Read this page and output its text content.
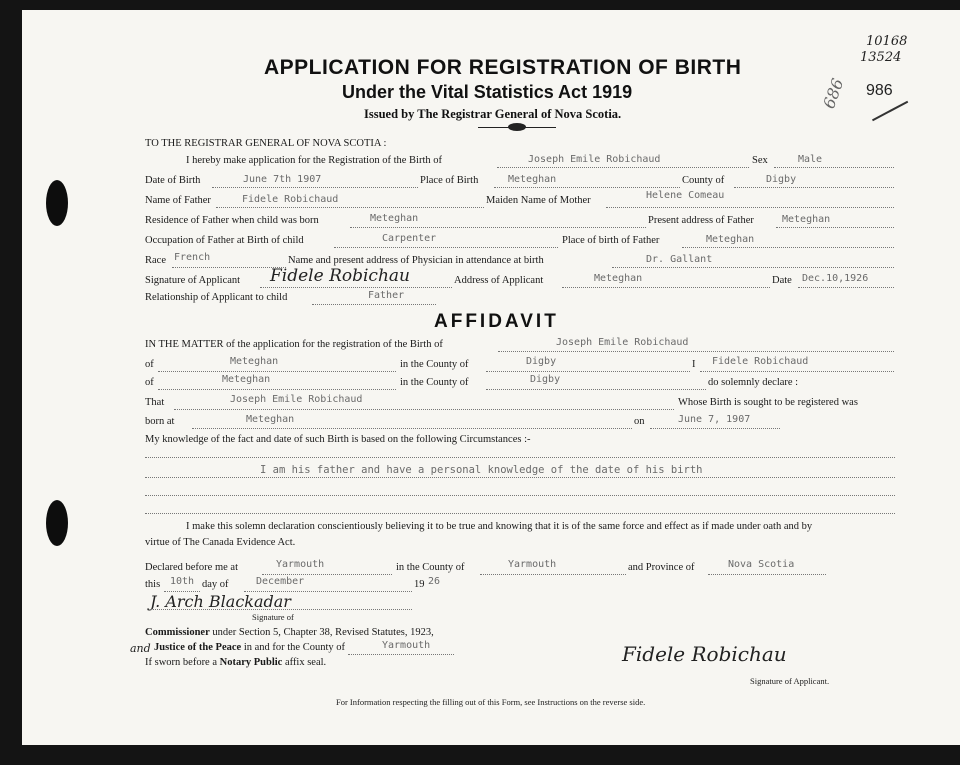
10168
13524
986
686
APPLICATION FOR REGISTRATION OF BIRTH
Under the Vital Statistics Act 1919
Issued by The Registrar General of Nova Scotia.
TO THE REGISTRAR GENERAL OF NOVA SCOTIA :
I hereby make application for the Registration of the Birth of	Joseph Emile Robichaud	Sex	Male
Date of Birth	June 7th 1907	Place of Birth	Meteghan	County of	Digby
Name of Father	Fidele Robichaud	Maiden Name of Mother	Helene Comeau
Residence of Father when child was born	Meteghan	Present address of Father	Meteghan
Occupation of Father at Birth of child	Carpenter	Place of birth of Father	Meteghan
Race French	Name and present address of Physician in attendance at birth	Dr. Gallant
Signature of Applicant Fidele Robichau	Address of Applicant	Meteghan	Date Dec.10,1926
Relationship of Applicant to child	Father
AFFIDAVIT
IN THE MATTER of the application for the registration of the Birth of	Joseph Emile Robichaud
of	Meteghan	in the County of	Digby	I Fidele Robichaud
of	Meteghan	in the County of	Digby	do solemnly declare :
That	Joseph Emile Robichaud	Whose Birth is sought to be registered was
born at	Meteghan	on	June 7, 1907
My knowledge of the fact and date of such Birth is based on the following Circumstances :-
I am his father and have a personal knowledge of the date of his birth
I make this solemn declaration conscientiously believing it to be true and knowing that it is of the same force and effect as if made under oath and by
virtue of The Canada Evidence Act.
Declared before me at	Yarmouth	in the County of	Yarmouth	and Province of	Nova Scotia
this 10th day of	December	19 26
J. Arch Blackadar
Signature of
Commissioner under Section 5, Chapter 38, Revised Statutes, 1923,
and Justice of the Peace in and for the County of	Yarmouth
If sworn before a Notary Public affix seal.	Fidele Robichau
Signature of Applicant.
For Information respecting the filling out of this Form, see Instructions on the reverse side.
